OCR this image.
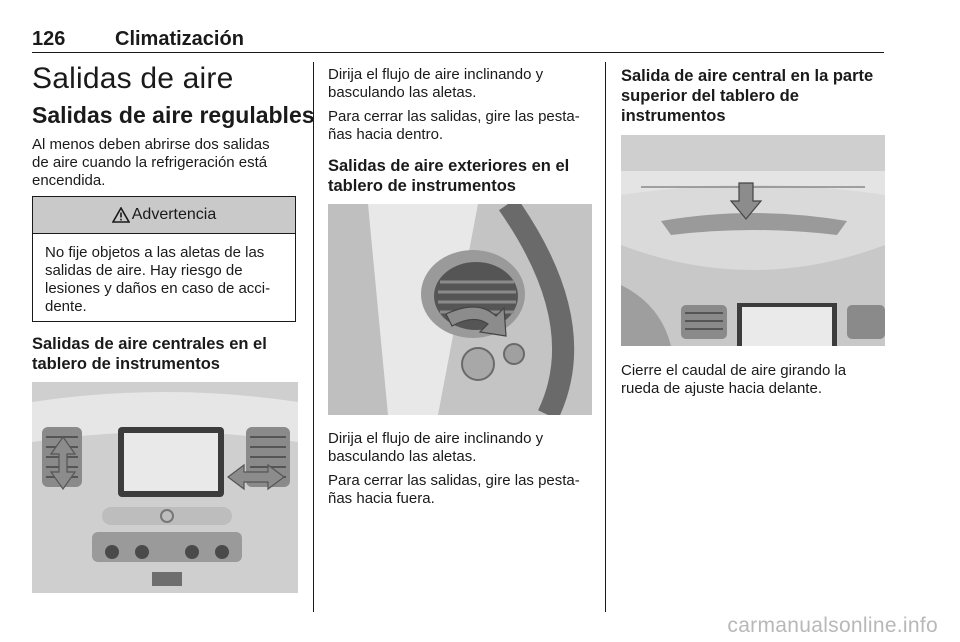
126 Climatización
Salidas de aire
Salidas de aire regulables
Al menos deben abrirse dos salidas
de aire cuando la refrigeración está
encendida.
Advertencia
No fije objetos a las aletas de las
salidas de aire. Hay riesgo de
lesiones y daños en caso de acci-
dente.
Salidas de aire centrales en el
tablero de instrumentos
Dirija el flujo de aire inclinando y
basculando las aletas.
Para cerrar las salidas, gire las pesta-
ñas hacia dentro.
Salidas de aire exteriores en el
tablero de instrumentos
Dirija el flujo de aire inclinando y
basculando las aletas.
Para cerrar las salidas, gire las pesta-
ñas hacia fuera.
Salida de aire central en la parte
superior del tablero de
instrumentos
Cierre el caudal de aire girando la
rueda de ajuste hacia delante.
carmanualsonline.info
